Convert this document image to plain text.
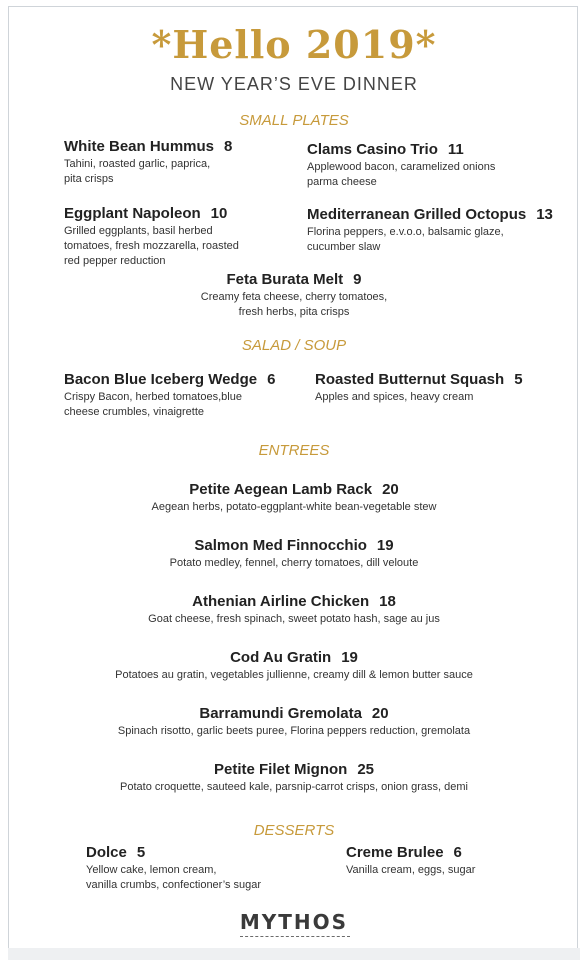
*Hello 2019*
NEW YEAR’S EVE DINNER
SMALL PLATES
White Bean Hummus 8
Tahini, roasted garlic, paprica,
pita crisps
Clams Casino Trio 11
Applewood bacon, caramelized onions
parma cheese
Eggplant Napoleon 10
Grilled eggplants, basil herbed
tomatoes, fresh mozzarella, roasted
red pepper reduction
Mediterranean Grilled Octopus 13
Florina peppers, e.v.o.o, balsamic glaze,
cucumber slaw
Feta Burata Melt 9
Creamy feta cheese, cherry tomatoes,
fresh herbs, pita crisps
SALAD / SOUP
Bacon Blue Iceberg Wedge 6
Crispy Bacon, herbed tomatoes,blue
cheese crumbles, vinaigrette
Roasted Butternut Squash 5
Apples and spices, heavy cream
ENTREES
Petite Aegean Lamb Rack 20
Aegean herbs, potato-eggplant-white bean-vegetable stew
Salmon Med Finnocchio 19
Potato medley, fennel, cherry tomatoes, dill veloute
Athenian Airline Chicken 18
Goat cheese, fresh spinach, sweet potato hash, sage au jus
Cod Au Gratin 19
Potatoes au gratin, vegetables jullienne, creamy dill & lemon butter sauce
Barramundi Gremolata 20
Spinach risotto, garlic beets puree, Florina peppers reduction, gremolata
Petite Filet Mignon 25
Potato croquette, sauteed kale, parsnip-carrot crisps, onion grass, demi
DESSERTS
Dolce 5
Yellow cake, lemon cream,
vanilla crumbs, confectioner’s sugar
Creme Brulee 6
Vanilla cream, eggs, sugar
MYTHOS
